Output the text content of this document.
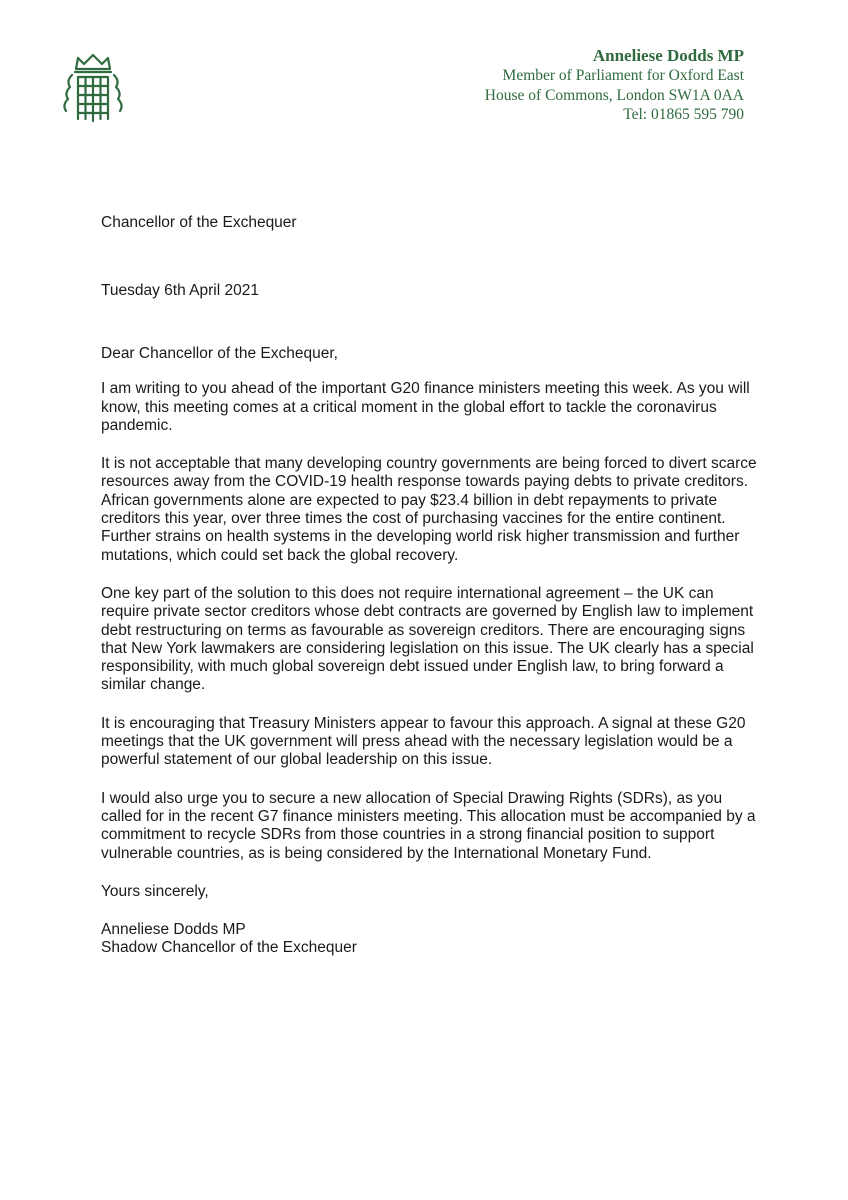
Anneliese Dodds MP
Member of Parliament for Oxford East
House of Commons, London SW1A 0AA
Tel: 01865 595 790
Chancellor of the Exchequer
Tuesday 6th April 2021

Dear Chancellor of the Exchequer,

I am writing to you ahead of the important G20 finance ministers meeting this week. As you will know, this meeting comes at a critical moment in the global effort to tackle the coronavirus pandemic.

It is not acceptable that many developing country governments are being forced to divert scarce resources away from the COVID-19 health response towards paying debts to private creditors. African governments alone are expected to pay $23.4 billion in debt repayments to private creditors this year, over three times the cost of purchasing vaccines for the entire continent. Further strains on health systems in the developing world risk higher transmission and further mutations, which could set back the global recovery.

One key part of the solution to this does not require international agreement – the UK can require private sector creditors whose debt contracts are governed by English law to implement debt restructuring on terms as favourable as sovereign creditors. There are encouraging signs that New York lawmakers are considering legislation on this issue. The UK clearly has a special responsibility, with much global sovereign debt issued under English law, to bring forward a similar change.

It is encouraging that Treasury Ministers appear to favour this approach. A signal at these G20 meetings that the UK government will press ahead with the necessary legislation would be a powerful statement of our global leadership on this issue.

I would also urge you to secure a new allocation of Special Drawing Rights (SDRs), as you called for in the recent G7 finance ministers meeting. This allocation must be accompanied by a commitment to recycle SDRs from those countries in a strong financial position to support vulnerable countries, as is being considered by the International Monetary Fund.

Yours sincerely,

Anneliese Dodds MP
Shadow Chancellor of the Exchequer
